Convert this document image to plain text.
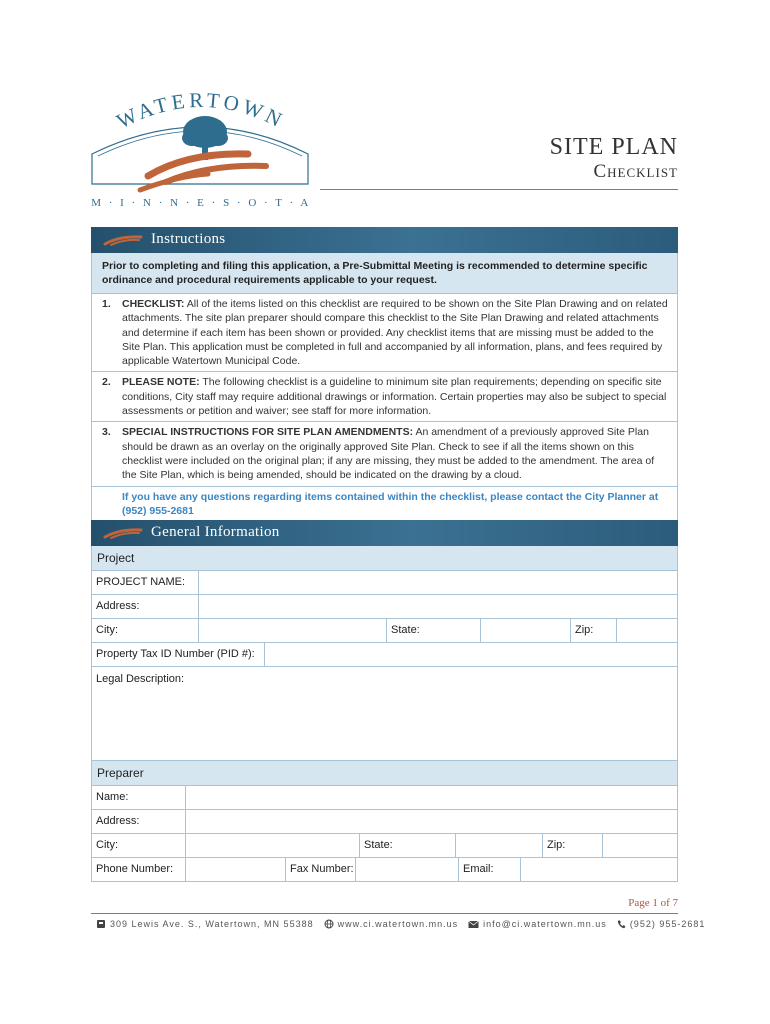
WATERTOWN
M · I · N · N · E · S · O · T · A
SITE PLAN
Checklist
Instructions
Prior to completing and filing this application, a Pre-Submittal Meeting is recommended to determine specific ordinance and procedural requirements applicable to your request.
1. CHECKLIST: All of the items listed on this checklist are required to be shown on the Site Plan Drawing and on related attachments. The site plan preparer should compare this checklist to the Site Plan Drawing and related attachments and determine if each item has been shown or provided. Any checklist items that are missing must be added to the Site Plan. This application must be completed in full and accompanied by all information, plans, and fees required by applicable Watertown Municipal Code.
2. PLEASE NOTE: The following checklist is a guideline to minimum site plan requirements; depending on specific site conditions, City staff may require additional drawings or information. Certain properties may also be subject to special assessments or petition and waiver; see staff for more information.
3. SPECIAL INSTRUCTIONS FOR SITE PLAN AMENDMENTS: An amendment of a previously approved Site Plan should be drawn as an overlay on the originally approved Site Plan. Check to see if all the items shown on this checklist were included on the original plan; if any are missing, they must be added to the amendment. The area of the Site Plan, which is being amended, should be indicated on the drawing by a cloud.
If you have any questions regarding items contained within the checklist, please contact the City Planner at (952) 955-2681
General Information
Project
PROJECT NAME:
Address:
City:	State:	Zip:
Property Tax ID Number (PID #):
Legal Description:
Preparer
Name:
Address:
City:	State:	Zip:
Phone Number:	Fax Number:	Email:
Page 1 of 7
309 Lewis Ave. S., Watertown, MN 55388	www.ci.watertown.mn.us	info@ci.watertown.mn.us	(952) 955-2681
